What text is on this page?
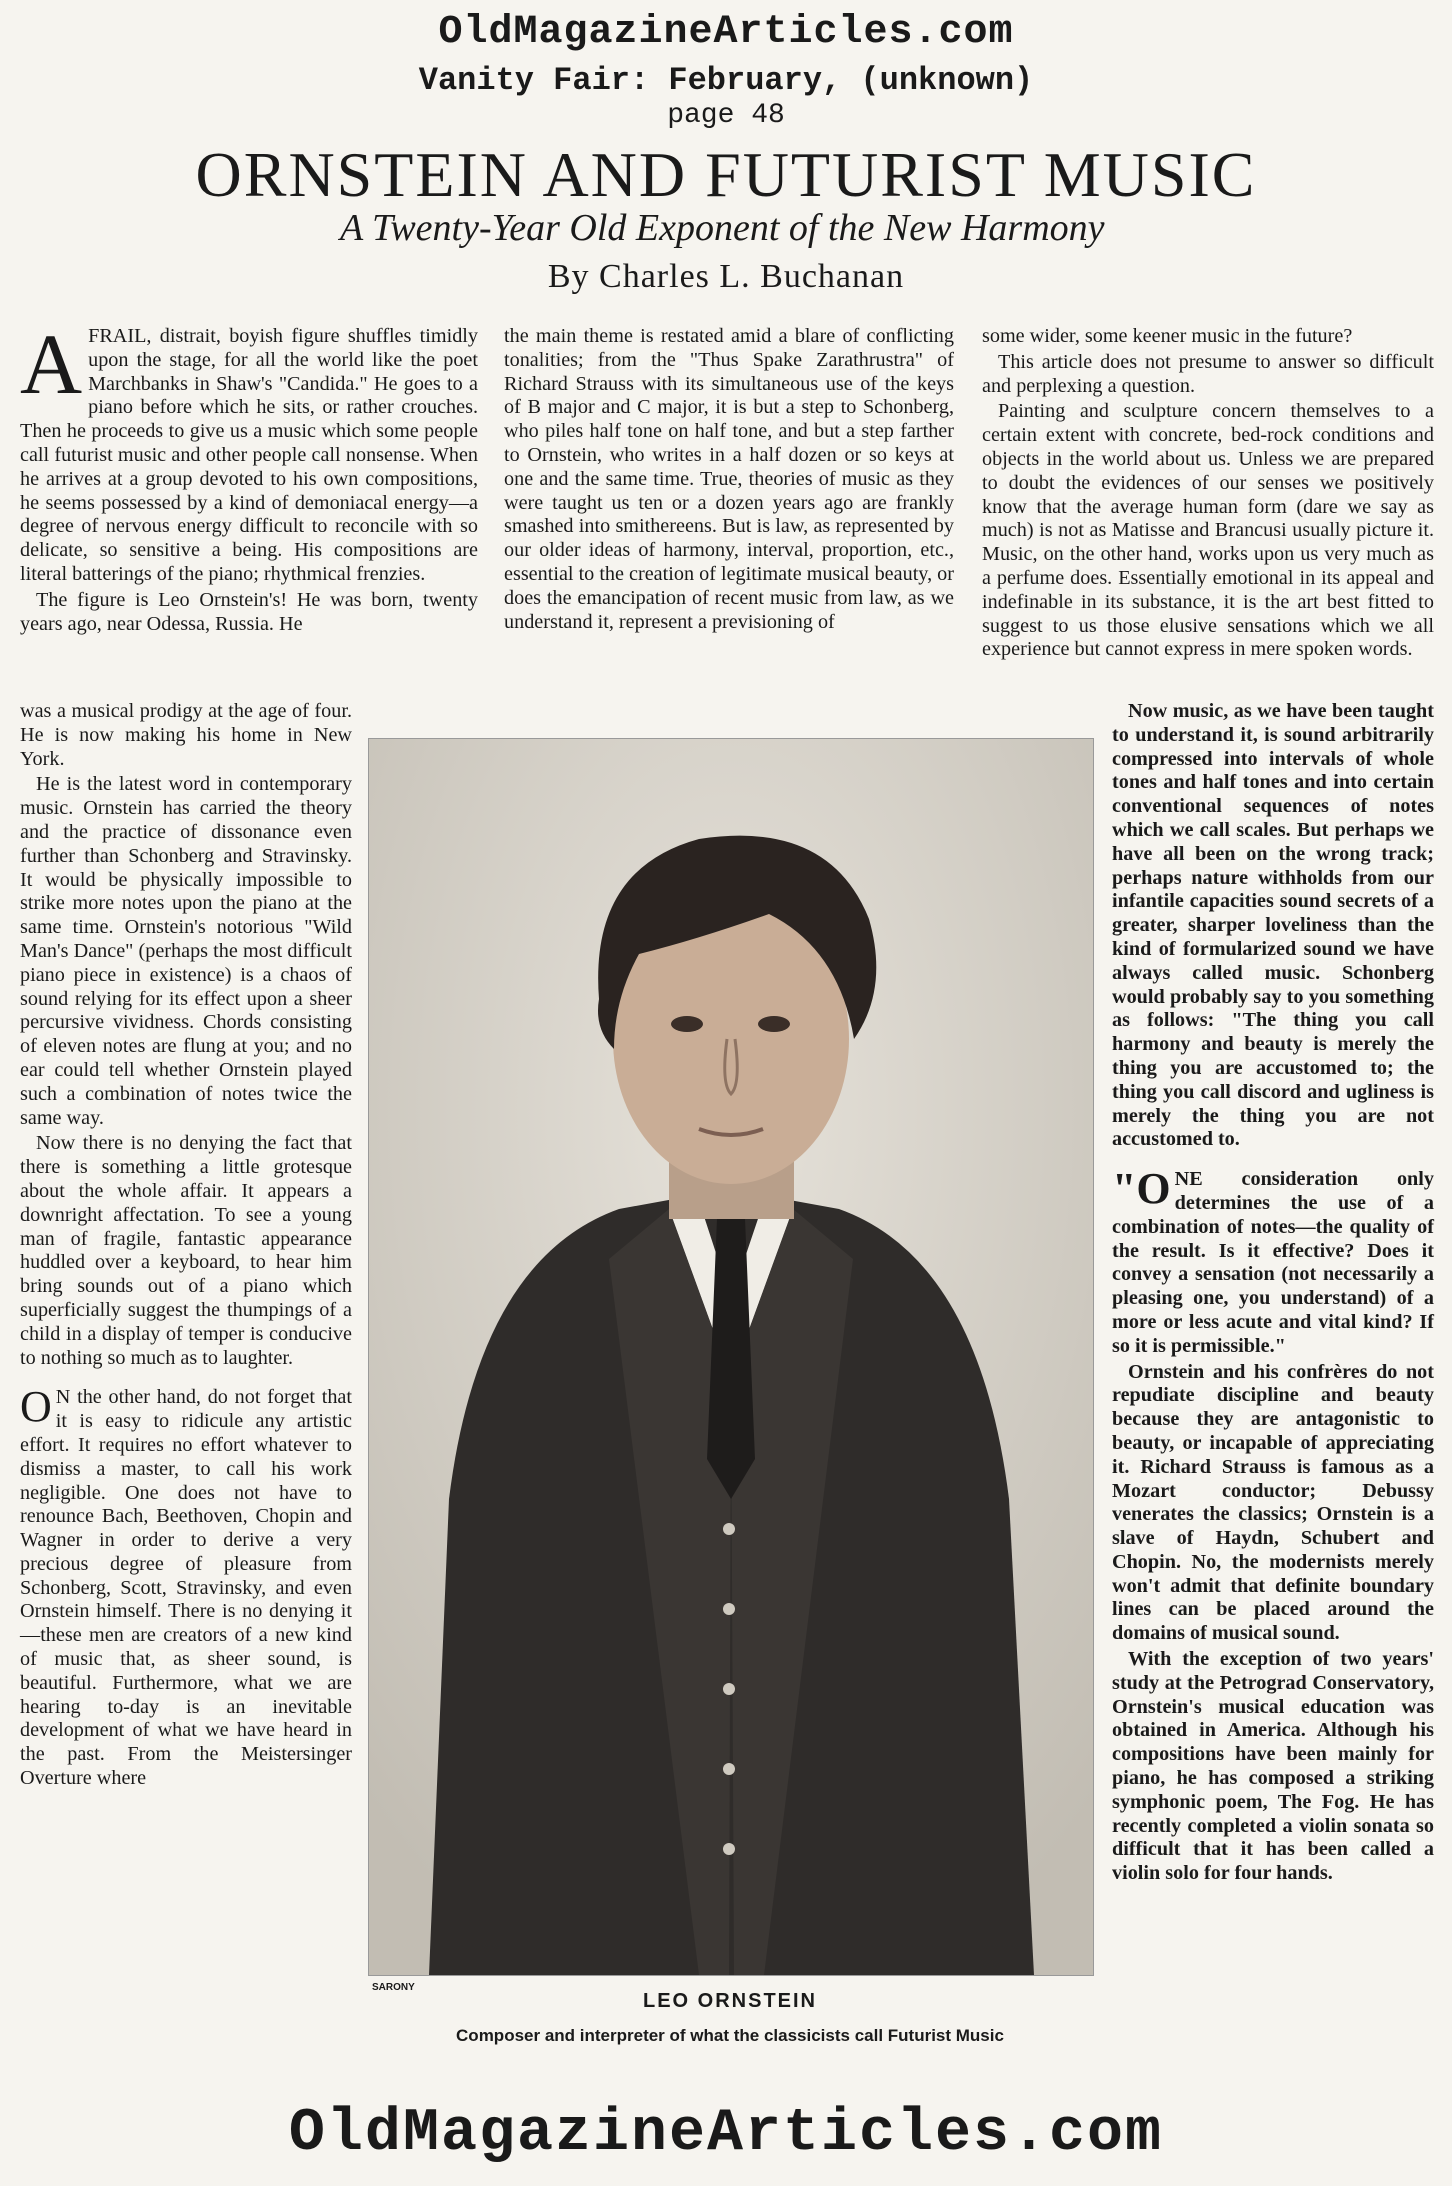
OldMagazineArticles.com
Vanity Fair: February, (unknown)
page 48
ORNSTEIN AND FUTURIST MUSIC
A Twenty-Year Old Exponent of the New Harmony
By Charles L. Buchanan

AFRAIL, distrait, boyish figure shuffles timidly upon the stage, for all the world like the poet Marchbanks in Shaw's "Candida." He goes to a piano before which he sits, or rather crouches. Then he proceeds to give us a music which some people call futurist music and other people call nonsense. When he arrives at a group devoted to his own compositions, he seems possessed by a kind of demoniacal energy—a degree of nervous energy difficult to reconcile with so delicate, so sensitive a being. His compositions are literal batterings of the piano; rhythmical frenzies.

The figure is Leo Ornstein's! He was born, twenty years ago, near Odessa, Russia. He

was a musical prodigy at the age of four. He is now making his home in New York.

He is the latest word in contemporary music. Ornstein has carried the theory and the practice of dissonance even further than Schonberg and Stravinsky. It would be physically impossible to strike more notes upon the piano at the same time. Ornstein's notorious "Wild Man's Dance" (perhaps the most difficult piano piece in existence) is a chaos of sound relying for its effect upon a sheer percursive vividness. Chords consisting of eleven notes are flung at you; and no ear could tell whether Ornstein played such a combination of notes twice the same way.

Now there is no denying the fact that there is something a little grotesque about the whole affair. It appears a downright affectation. To see a young man of fragile, fantastic appearance huddled over a keyboard, to hear him bring sounds out of a piano which superficially suggest the thumpings of a child in a display of temper is conducive to nothing so much as to laughter.

O N the other hand, do not forget that it is easy to ridicule any artistic effort. It requires no effort whatever to dismiss a master, to call his work negligible. One does not have to renounce Bach, Beethoven, Chopin and Wagner in order to derive a very precious degree of pleasure from Schonberg, Scott, Stravinsky, and even Ornstein himself. There is no denying it—these men are creators of a new kind of music that, as sheer sound, is beautiful. Furthermore, what we are hearing to-day is an inevitable development of what we have heard in the past. From the Meistersinger Overture where

the main theme is restated amid a blare of conflicting tonalities; from the "Thus Spake Zarathrustra" of Richard Strauss with its simultaneous use of the keys of B major and C major, it is but a step to Schonberg, who piles half tone on half tone, and but a step farther to Ornstein, who writes in a half dozen or so keys at one and the same time. True, theories of music as they were taught us ten or a dozen years ago are frankly smashed into smithereens. But is law, as represented by our older ideas of harmony, interval, proportion, etc., essential to the creation of legitimate musical beauty, or does the emancipation of recent music from law, as we understand it, represent a previsioning of

some wider, some keener music in the future?

This article does not presume to answer so difficult and perplexing a question.

Painting and sculpture concern themselves to a certain extent with concrete, bed-rock conditions and objects in the world about us. Unless we are prepared to doubt the evidences of our senses we positively know that the average human form (dare we say as much) is not as Matisse and Brancusi usually picture it. Music, on the other hand, works upon us very much as a perfume does. Essentially emotional in its appeal and indefinable in its substance, it is the art best fitted to suggest to us those elusive sensations which we all experience but cannot express in mere spoken words.

Now music, as we have been taught to understand it, is sound arbitrarily compressed into intervals of whole tones and half tones and into certain conventional sequences of notes which we call scales. But perhaps we have all been on the wrong track; perhaps nature withholds from our infantile capacities sound secrets of a greater, sharper loveliness than the kind of formularized sound we have always called music. Schonberg would probably say to you something as follows: "The thing you call harmony and beauty is merely the thing you are accustomed to; the thing you call discord and ugliness is merely the thing you are not accustomed to.

"ONE consideration only determines the use of a combination of notes—the quality of the result. Is it effective? Does it convey a sensation (not necessarily a pleasing one, you understand) of a more or less acute and vital kind? If so it is permissible."

Ornstein and his confrères do not repudiate discipline and beauty because they are antagonistic to beauty, or incapable of appreciating it. Richard Strauss is famous as a Mozart conductor; Debussy venerates the classics; Ornstein is a slave of Haydn, Schubert and Chopin. No, the modernists merely won't admit that definite boundary lines can be placed around the domains of musical sound.

With the exception of two years' study at the Petrograd Conservatory, Ornstein's musical education was obtained in America. Although his compositions have been mainly for piano, he has composed a striking symphonic poem, The Fog. He has recently completed a violin sonata so difficult that it has been called a violin solo for four hands.

SARONY
LEO ORNSTEIN
Composer and interpreter of what the classicists call Futurist Music
OldMagazineArticles.com
